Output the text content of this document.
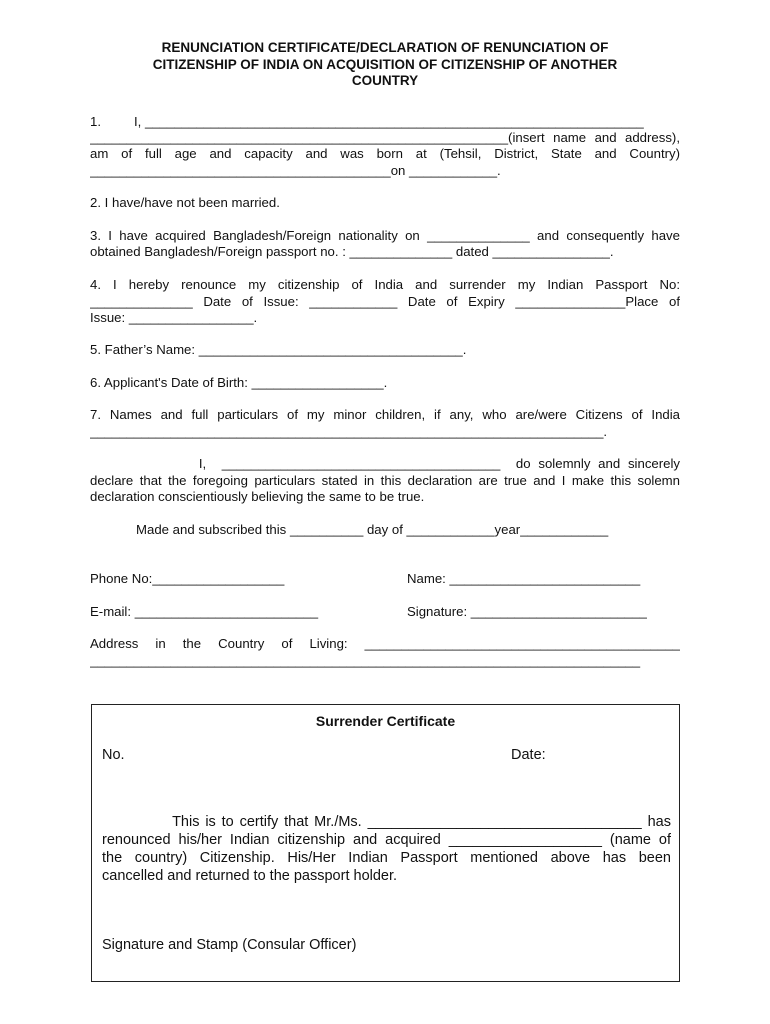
RENUNCIATION CERTIFICATE/DECLARATION OF RENUNCIATION OF
CITIZENSHIP OF INDIA ON ACQUISITION OF CITIZENSHIP OF ANOTHER
COUNTRY
1.         I, ____________________________________________________________________
_________________________________________________________(insert name and address),
am of full age and capacity and was born at (Tehsil, District, State and Country)
_________________________________________on ____________.
2. I have/have not been married.
3. I have acquired Bangladesh/Foreign nationality on ______________ and consequently have
obtained Bangladesh/Foreign passport no. : ______________ dated ________________.
4. I hereby renounce my citizenship of India and surrender my Indian Passport No:
______________ Date of Issue: ____________ Date of Expiry _______________Place of
Issue: _________________.
5. Father’s Name: ____________________________________.
6. Applicant's Date of Birth: __________________.
7. Names and full particulars of my minor children, if any, who are/were Citizens of India
______________________________________________________________________.
I,  ______________________________________  do solemnly and sincerely
declare that the foregoing particulars stated in this declaration are true and I make this solemn
declaration conscientiously believing the same to be true.
Made and subscribed this __________ day of ____________year____________
Phone No:__________________	Name: __________________________
E-mail: _________________________	Signature: ________________________
Address  in  the  Country  of  Living:  ___________________________________________
___________________________________________________________________________
Surrender Certificate
No.	Date:
This is to certify that Mr./Ms. __________________________________ has
renounced his/her Indian citizenship and acquired ___________________ (name of
the country) Citizenship. His/Her Indian Passport mentioned above has been
cancelled and returned to the passport holder.
Signature and Stamp (Consular Officer)
